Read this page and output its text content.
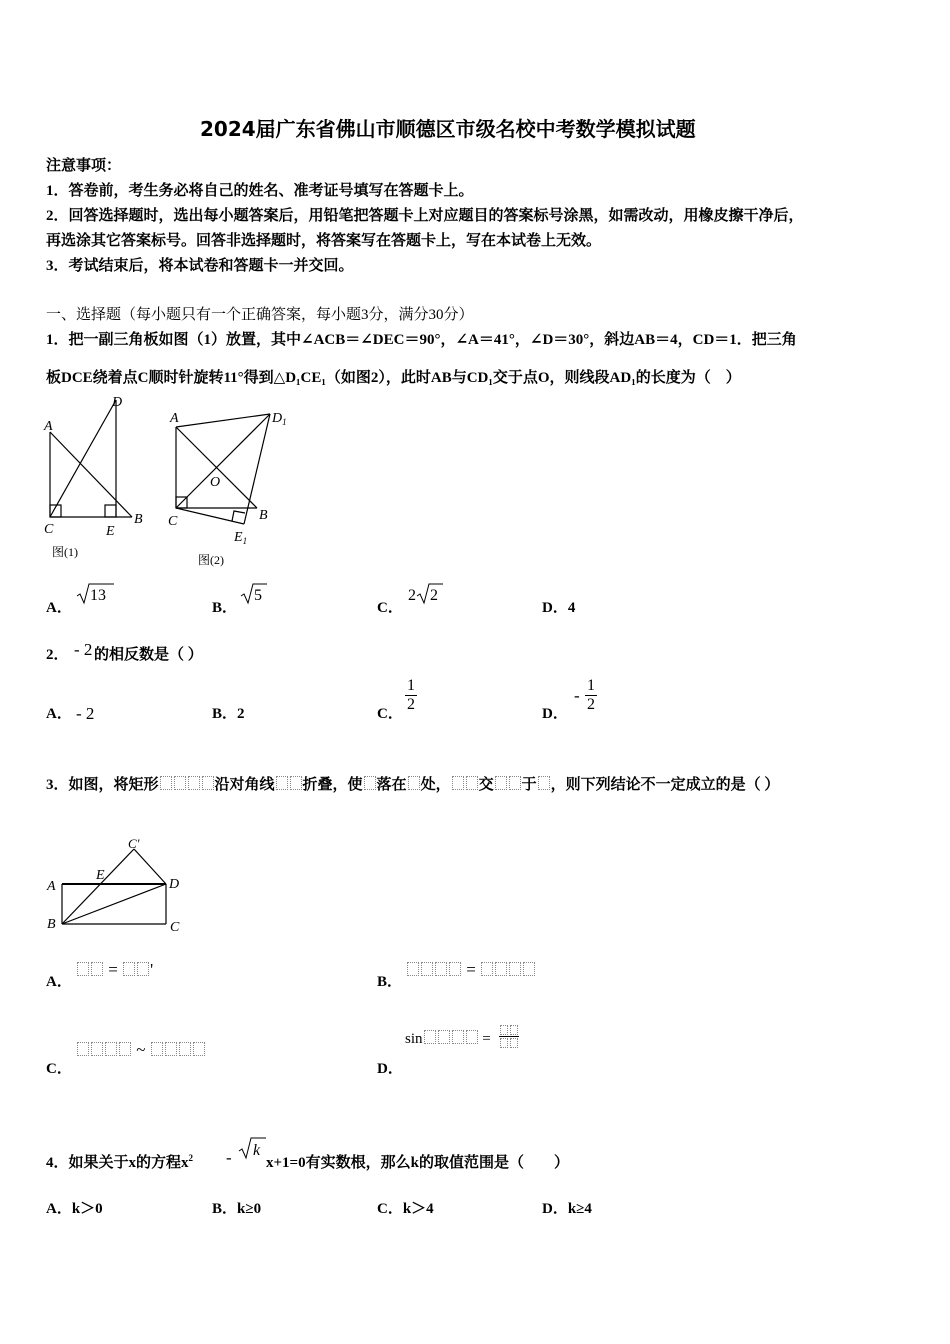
2024届广东省佛山市顺德区市级名校中考数学模拟试题
注意事项：
1．答卷前，考生务必将自己的姓名、准考证号填写在答题卡上。
2．回答选择题时，选出每小题答案后，用铅笔把答题卡上对应题目的答案标号涂黑，如需改动，用橡皮擦干净后，
再选涂其它答案标号。回答非选择题时，将答案写在答题卡上，写在本试卷上无效。
3．考试结束后，将本试卷和答题卡一并交回。
一、选择题（每小题只有一个正确答案，每小题3分，满分30分）
1．把一副三角板如图（1）放置，其中∠ACB＝∠DEC＝90°，∠A＝41°，∠D＝30°，斜边AB＝4，CD＝1．把三角
板DCE绕着点C顺时针旋转11°得到△D₁CE₁（如图2），此时AB与CD₁交于点O，则线段AD₁的长度为（　）
A
D
C	E
B
图(1)
A	$D_1$
O
C	B
$E_1$
图(2)
A．
13
B．
5
C．
2 2
D．4
2． - 2 的相反数是（ ）
A． - 2	B．2	C． $\frac{1}{2}$	D．
- $\frac{1}{2}$
3．如图，将矩形	沿对角线 折叠，使 落在 处， 交 于 ，则下列结论不一定成立的是（ ）
C'
E
A	D
B	C
A．
= '
B．
=
C．
~
D．
sin	=
4．如果关于x的方程$x^2$ - k
x+1=0有实数根，那么k的取值范围是（　　）
A．k＞0	B．k≥0	C．k＞4	D．k≥4
